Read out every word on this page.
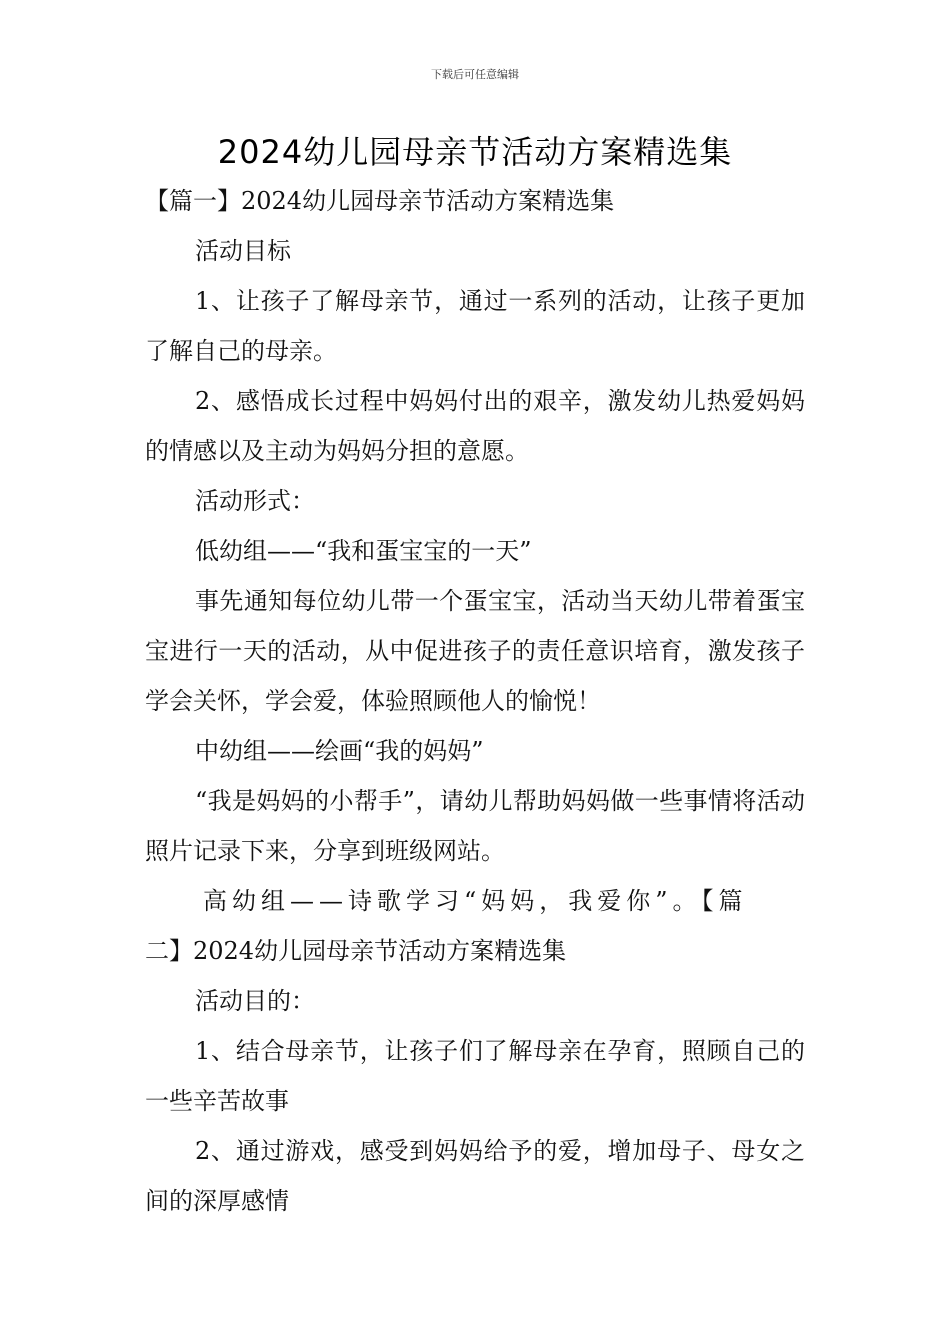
下载后可任意编辑
2024幼儿园母亲节活动方案精选集

【篇一】2024幼儿园母亲节活动方案精选集

活动目标

1、让孩子了解母亲节，通过一系列的活动，让孩子更加了解自己的母亲。

2、感悟成长过程中妈妈付出的艰辛，激发幼儿热爱妈妈的情感以及主动为妈妈分担的意愿。

活动形式：

低幼组——“我和蛋宝宝的一天”

事先通知每位幼儿带一个蛋宝宝，活动当天幼儿带着蛋宝宝进行一天的活动，从中促进孩子的责任意识培育，激发孩子学会关怀，学会爱，体验照顾他人的愉悦！

中幼组——绘画“我的妈妈”

“我是妈妈的小帮手”，请幼儿帮助妈妈做一些事情将活动照片记录下来，分享到班级网站。

高幼组——诗歌学习“妈妈，我爱你”。【篇

二】2024幼儿园母亲节活动方案精选集

活动目的：

1、结合母亲节，让孩子们了解母亲在孕育，照顾自己的一些辛苦故事

2、通过游戏，感受到妈妈给予的爱，增加母子、母女之间的深厚感情
